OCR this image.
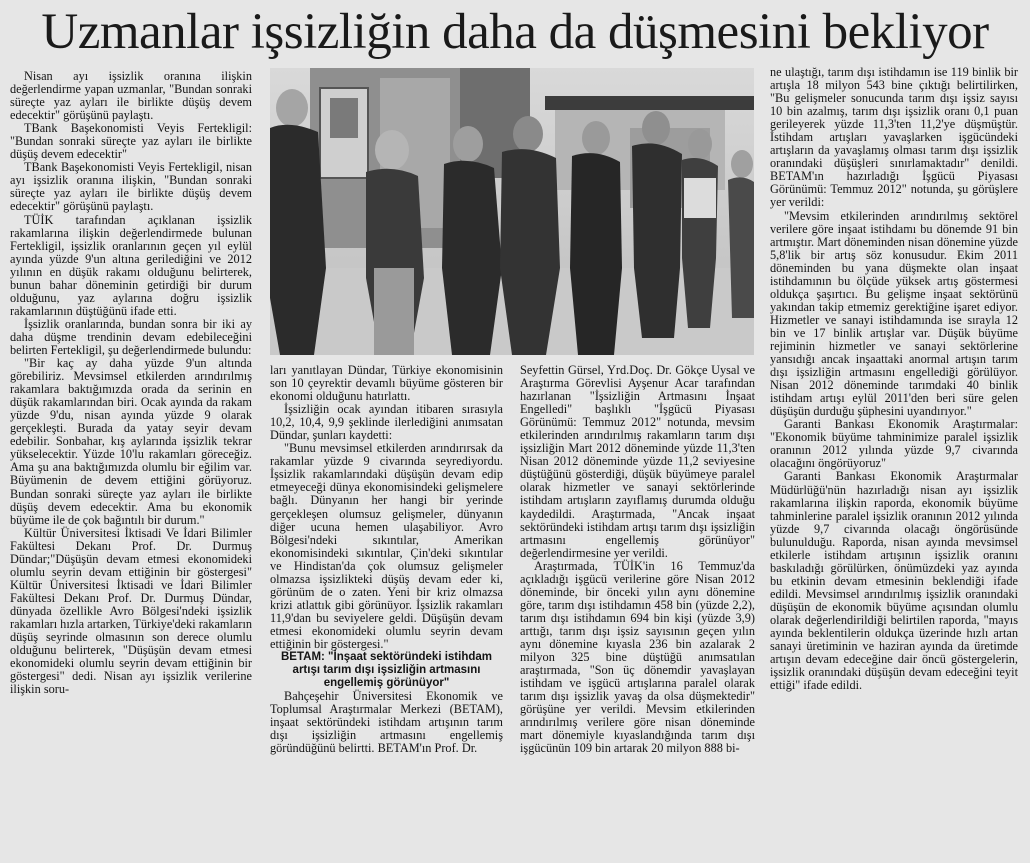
Uzmanlar işsizliğin daha da düşmesini bekliyor

Nisan ayı işsizlik oranına ilişkin değerlendirme yapan uzmanlar, "Bundan sonraki süreçte yaz ayları ile birlikte düşüş devem edecektir" görüşünü paylaştı.

TBank Başekonomisti Veyis Fertekligil: "Bundan sonraki süreçte yaz ayları ile birlikte düşüş devem edecektir"

TBank Başekonomisti Veyis Fertekligil, nisan ayı işsizlik oranına ilişkin, "Bundan sonraki süreçte yaz ayları ile birlikte düşüş devem edecektir" görüşünü paylaştı.

TÜİK tarafından açıklanan işsizlik rakamlarına ilişkin değerlendirmede bulunan Fertekligil, işsizlik oranlarının geçen yıl eylül ayında yüzde 9'un altına gerilediğini ve 2012 yılının en düşük rakamı olduğunu belirterek, bunun bahar döneminin getirdiği bir durum olduğunu, yaz aylarına doğru işsizlik rakamlarının düştüğünü ifade etti.

İşsizlik oranlarında, bundan sonra bir iki ay daha düşme trendinin devam edebileceğini belirten Fertekligil, şu değerlendirmede bulundu:

"Bir kaç ay daha yüzde 9'un altında görebiliriz. Mevsimsel etkilerden arındırılmış rakamlara baktığımızda orada da serinin en düşük rakamlarından biri. Ocak ayında da rakam yüzde 9'du, nisan ayında yüzde 9 olarak gerçekleşti. Burada da yatay seyir devam edebilir. Sonbahar, kış aylarında işsizlik tekrar yükselecektir. Yüzde 10'lu rakamları göreceğiz. Ama şu ana baktığımızda olumlu bir eğilim var. Büyümenin de devem ettiğini görüyoruz. Bundan sonraki süreçte yaz ayları ile birlikte düşüş devem edecektir. Ama bu ekonomik büyüme ile de çok bağıntılı bir durum."

Kültür Üniversitesi İktisadi Ve İdari Bilimler Fakültesi Dekanı Prof. Dr. Durmuş Dündar;"Düşüşün devam etmesi ekonomideki olumlu seyrin devam ettiğinin bir göstergesi" Kültür Üniversitesi İktisadi ve İdari Bilimler Fakültesi Dekanı Prof. Dr. Durmuş Dündar, dünyada özellikle Avro Bölgesi'ndeki işsizlik rakamları hızla artarken, Türkiye'deki rakamların düşüş seyrinde olmasının son derece olumlu olduğunu belirterek, "Düşüşün devam etmesi ekonomideki olumlu seyrin devam ettiğinin bir göstergesi" dedi. Nisan ayı işsizlik verilerine ilişkin soru-

ları yanıtlayan Dündar, Türkiye ekonomisinin son 10 çeyrektir devamlı büyüme gösteren bir ekonomi olduğunu hatırlattı.

İşsizliğin ocak ayından itibaren sırasıyla 10,2, 10,4, 9,9 şeklinde ilerlediğini anımsatan Dündar, şunları kaydetti:

"Bunu mevsimsel etkilerden arındırırsak da rakamlar yüzde 9 civarında seyrediyordu. İşsizlik rakamlarındaki düşüşün devam edip etmeyeceği dünya ekonomisindeki gelişmelere bağlı. Dünyanın her hangi bir yerinde gerçekleşen olumsuz gelişmeler, dünyanın diğer ucuna hemen ulaşabiliyor. Avro Bölgesi'ndeki sıkıntılar, Amerikan ekonomisindeki sıkıntılar, Çin'deki sıkıntılar ve Hindistan'da çok olumsuz gelişmeler olmazsa işsizlikteki düşüş devam eder ki, görünüm de o zaten. Yeni bir kriz olmazsa krizi atlattık gibi görünüyor. İşsizlik rakamları 11,9'dan bu seviyelere geldi. Düşüşün devam etmesi ekonomideki olumlu seyrin devam ettiğinin bir göstergesi."

BETAM: "İnşaat sektöründeki istihdam artışı tarım dışı işsizliğin artmasını engellemiş görünüyor"

Bahçeşehir Üniversitesi Ekonomik ve Toplumsal Araştırmalar Merkezi (BETAM), inşaat sektöründeki istihdam artışının tarım dışı işsizliğin artmasını engellemiş göründüğünü belirtti. BETAM'ın Prof. Dr.

Seyfettin Gürsel, Yrd.Doç. Dr. Gökçe Uysal ve Araştırma Görevlisi Ayşenur Acar tarafından hazırlanan "İşsizliğin Artmasını İnşaat Engelledi" başlıklı "İşgücü Piyasası Görünümü: Temmuz 2012" notunda, mevsim etkilerinden arındırılmış rakamların tarım dışı işsizliğin Mart 2012 döneminde yüzde 11,3'ten Nisan 2012 döneminde yüzde 11,2 seviyesine düştüğünü gösterdiği, düşük büyümeye paralel olarak hizmetler ve sanayi sektörlerinde istihdam artışların zayıflamış durumda olduğu kaydedildi. Araştırmada, "Ancak inşaat sektöründeki istihdam artışı tarım dışı işsizliğin artmasını engellemiş görünüyor" değerlendirmesine yer verildi.

Araştırmada, TÜİK'in 16 Temmuz'da açıkladığı işgücü verilerine göre Nisan 2012 döneminde, bir önceki yılın aynı dönemine göre, tarım dışı istihdamın 458 bin (yüzde 2,2), tarım dışı istihdamın 694 bin kişi (yüzde 3,9) arttığı, tarım dışı işsiz sayısının geçen yılın aynı dönemine kıyasla 236 bin azalarak 2 milyon 325 bine düştüğü anımsatılan araştırmada, "Son üç dönemdir yavaşlayan istihdam ve işgücü artışlarına paralel olarak tarım dışı işsizlik yavaş da olsa düşmektedir" görüşüne yer verildi. Mevsim etkilerinden arındırılmış verilere göre nisan döneminde mart dönemiyle kıyaslandığında tarım dışı işgücünün 109 bin artarak 20 milyon 888 bi-

ne ulaştığı, tarım dışı istihdamın ise 119 binlik bir artışla 18 milyon 543 bine çıktığı belirtilirken, "Bu gelişmeler sonucunda tarım dışı işsiz sayısı 10 bin azalmış, tarım dışı işsizlik oranı 0,1 puan gerileyerek yüzde 11,3'ten 11,2'ye düşmüştür. İstihdam artışları yavaşlarken işgücündeki artışların da yavaşlamış olması tarım dışı işsizlik oranındaki düşüşleri sınırlamaktadır" denildi. BETAM'ın hazırladığı İşgücü Piyasası Görünümü: Temmuz 2012" notunda, şu görüşlere yer verildi:

"Mevsim etkilerinden arındırılmış sektörel verilere göre inşaat istihdamı bu dönemde 91 bin artmıştır. Mart döneminden nisan dönemine yüzde 5,8'lik bir artış söz konusudur. Ekim 2011 döneminden bu yana düşmekte olan inşaat istihdamının bu ölçüde yüksek artış göstermesi oldukça şaşırtıcı. Bu gelişme inşaat sektörünü yakından takip etmemiz gerektiğine işaret ediyor. Hizmetler ve sanayi istihdamında ise sırayla 12 bin ve 17 binlik artışlar var. Düşük büyüme rejiminin hizmetler ve sanayi sektörlerine yansıdığı ancak inşaattaki anormal artışın tarım dışı işsizliğin artmasını engellediği görülüyor. Nisan 2012 döneminde tarımdaki 40 binlik istihdam artışı eylül 2011'den beri süre gelen düşüşün durduğu şüphesini uyandırıyor."

Garanti Bankası Ekonomik Araştırmalar: "Ekonomik büyüme tahminimize paralel işsizlik oranının 2012 yılında yüzde 9,7 civarında olacağını öngörüyoruz"

Garanti Bankası Ekonomik Araştırmalar Müdürlüğü'nün hazırladığı nisan ayı işsizlik rakamlarına ilişkin raporda, ekonomik büyüme tahminlerine paralel işsizlik oranının 2012 yılında yüzde 9,7 civarında olacağı öngörüsünde bulunulduğu. Raporda, nisan ayında mevsimsel etkilerle istihdam artışının işsizlik oranını baskıladığı görülürken, önümüzdeki yaz ayında bu etkinin devam etmesinin beklendiği ifade edildi. Mevsimsel arındırılmış işsizlik oranındaki düşüşün de ekonomik büyüme açısından olumlu olarak değerlendirildiği belirtilen raporda, "mayıs ayında beklentilerin oldukça üzerinde hızlı artan sanayi üretiminin ve haziran ayında da üretimde artışın devam edeceğine dair öncü göstergelerin, işsizlik oranındaki düşüşün devam edeceğini teyit ettiği" ifade edildi.
